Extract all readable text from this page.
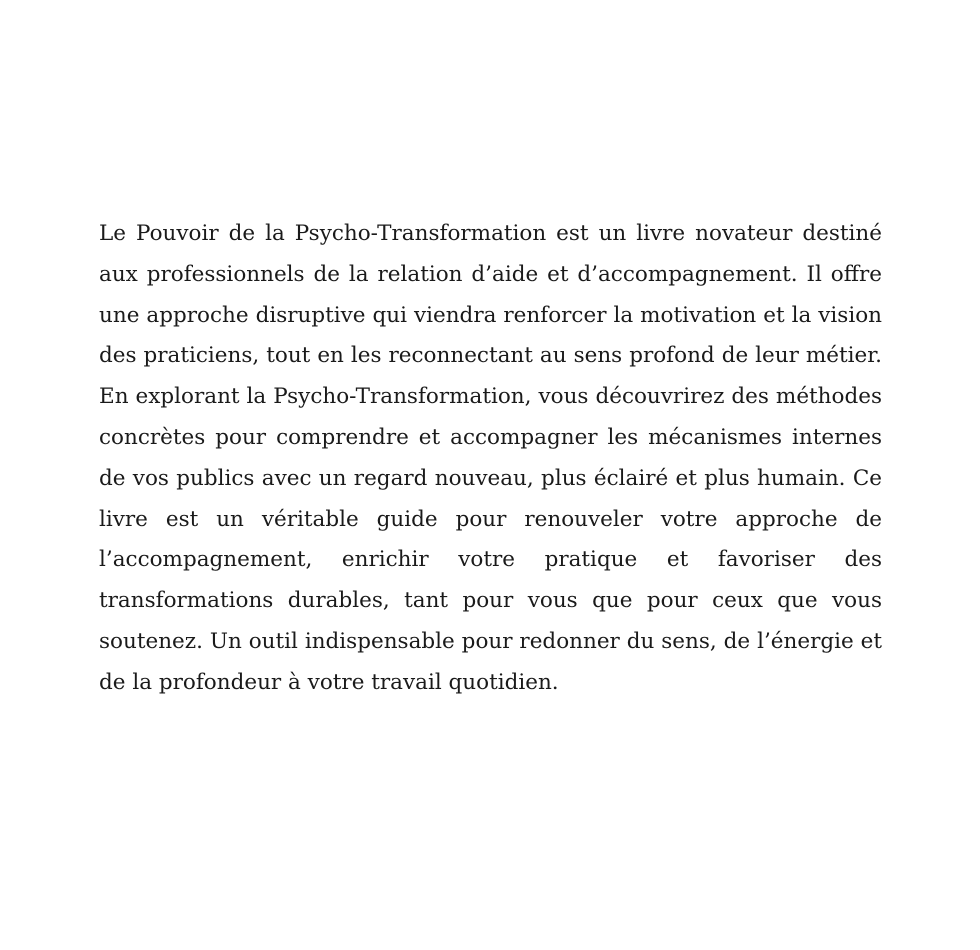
Le Pouvoir de la Psycho-Transformation est un livre novateur destiné aux professionnels de la relation d’aide et d’accompagnement. Il offre une approche disruptive qui viendra renforcer la motivation et la vision des praticiens, tout en les reconnectant au sens profond de leur métier. En explorant la Psycho-Transformation, vous découvrirez des méthodes concrètes pour comprendre et accompagner les mécanismes internes de vos publics avec un regard nouveau, plus éclairé et plus humain. Ce livre est un véritable guide pour renouveler votre approche de l’accompagnement, enrichir votre pratique et favoriser des transformations durables, tant pour vous que pour ceux que vous soutenez. Un outil indispensable pour redonner du sens, de l’énergie et de la profondeur à votre travail quotidien.
